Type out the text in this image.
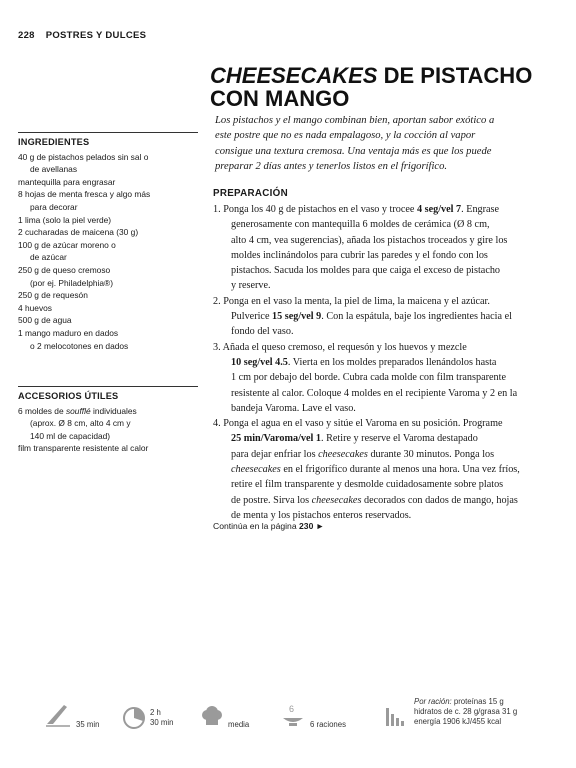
228 POSTRES Y DULCES
CHEESECAKES DE PISTACHO
CON MANGO
Los pistachos y el mango combinan bien, aportan sabor exótico a
este postre que no es nada empalagoso, y la cocción al vapor
consigue una textura cremosa. Una ventaja más es que los puede
preparar 2 días antes y tenerlos listos en el frigorífico.
INGREDIENTES
40 g de pistachos pelados sin sal o
de avellanas
mantequilla para engrasar
8 hojas de menta fresca y algo más
para decorar
1 lima (solo la piel verde)
2 cucharadas de maicena (30 g)
100 g de azúcar moreno o
de azúcar
250 g de queso cremoso
(por ej. Philadelphia®)
250 g de requesón
4 huevos
500 g de agua
1 mango maduro en dados
o 2 melocotones en dados
ACCESORIOS ÚTILES
6 moldes de soufflé individuales
(aprox. Ø 8 cm, alto 4 cm y
140 ml de capacidad)
film transparente resistente al calor
PREPARACIÓN
1. Ponga los 40 g de pistachos en el vaso y trocee 4 seg/vel 7. Engrase
generosamente con mantequilla 6 moldes de cerámica (Ø 8 cm,
alto 4 cm, vea sugerencias), añada los pistachos troceados y gire los
moldes inclinándolos para cubrir las paredes y el fondo con los
pistachos. Sacuda los moldes para que caiga el exceso de pistacho
y reserve.
2. Ponga en el vaso la menta, la piel de lima, la maicena y el azúcar.
Pulverice 15 seg/vel 9. Con la espátula, baje los ingredientes hacia el
fondo del vaso.
3. Añada el queso cremoso, el requesón y los huevos y mezcle
10 seg/vel 4.5. Vierta en los moldes preparados llenándolos hasta
1 cm por debajo del borde. Cubra cada molde con film transparente
resistente al calor. Coloque 4 moldes en el recipiente Varoma y 2 en la
bandeja Varoma. Lave el vaso.
4. Ponga el agua en el vaso y sitúe el Varoma en su posición. Programe
25 min/Varoma/vel 1. Retire y reserve el Varoma destapado
para dejar enfriar los cheesecakes durante 30 minutos. Ponga los
cheesecakes en el frigorífico durante al menos una hora. Una vez fríos,
retire el film transparente y desmolde cuidadosamente sobre platos
de postre. Sirva los cheesecakes decorados con dados de mango, hojas
de menta y los pistachos enteros reservados.
Continúa en la página 230 ►
35 min
2 h
30 min	media
6
6 raciones
Por ración: proteínas 15 g
hidratos de c. 28 g/grasa 31 g
energía 1906 kJ/455 kcal
